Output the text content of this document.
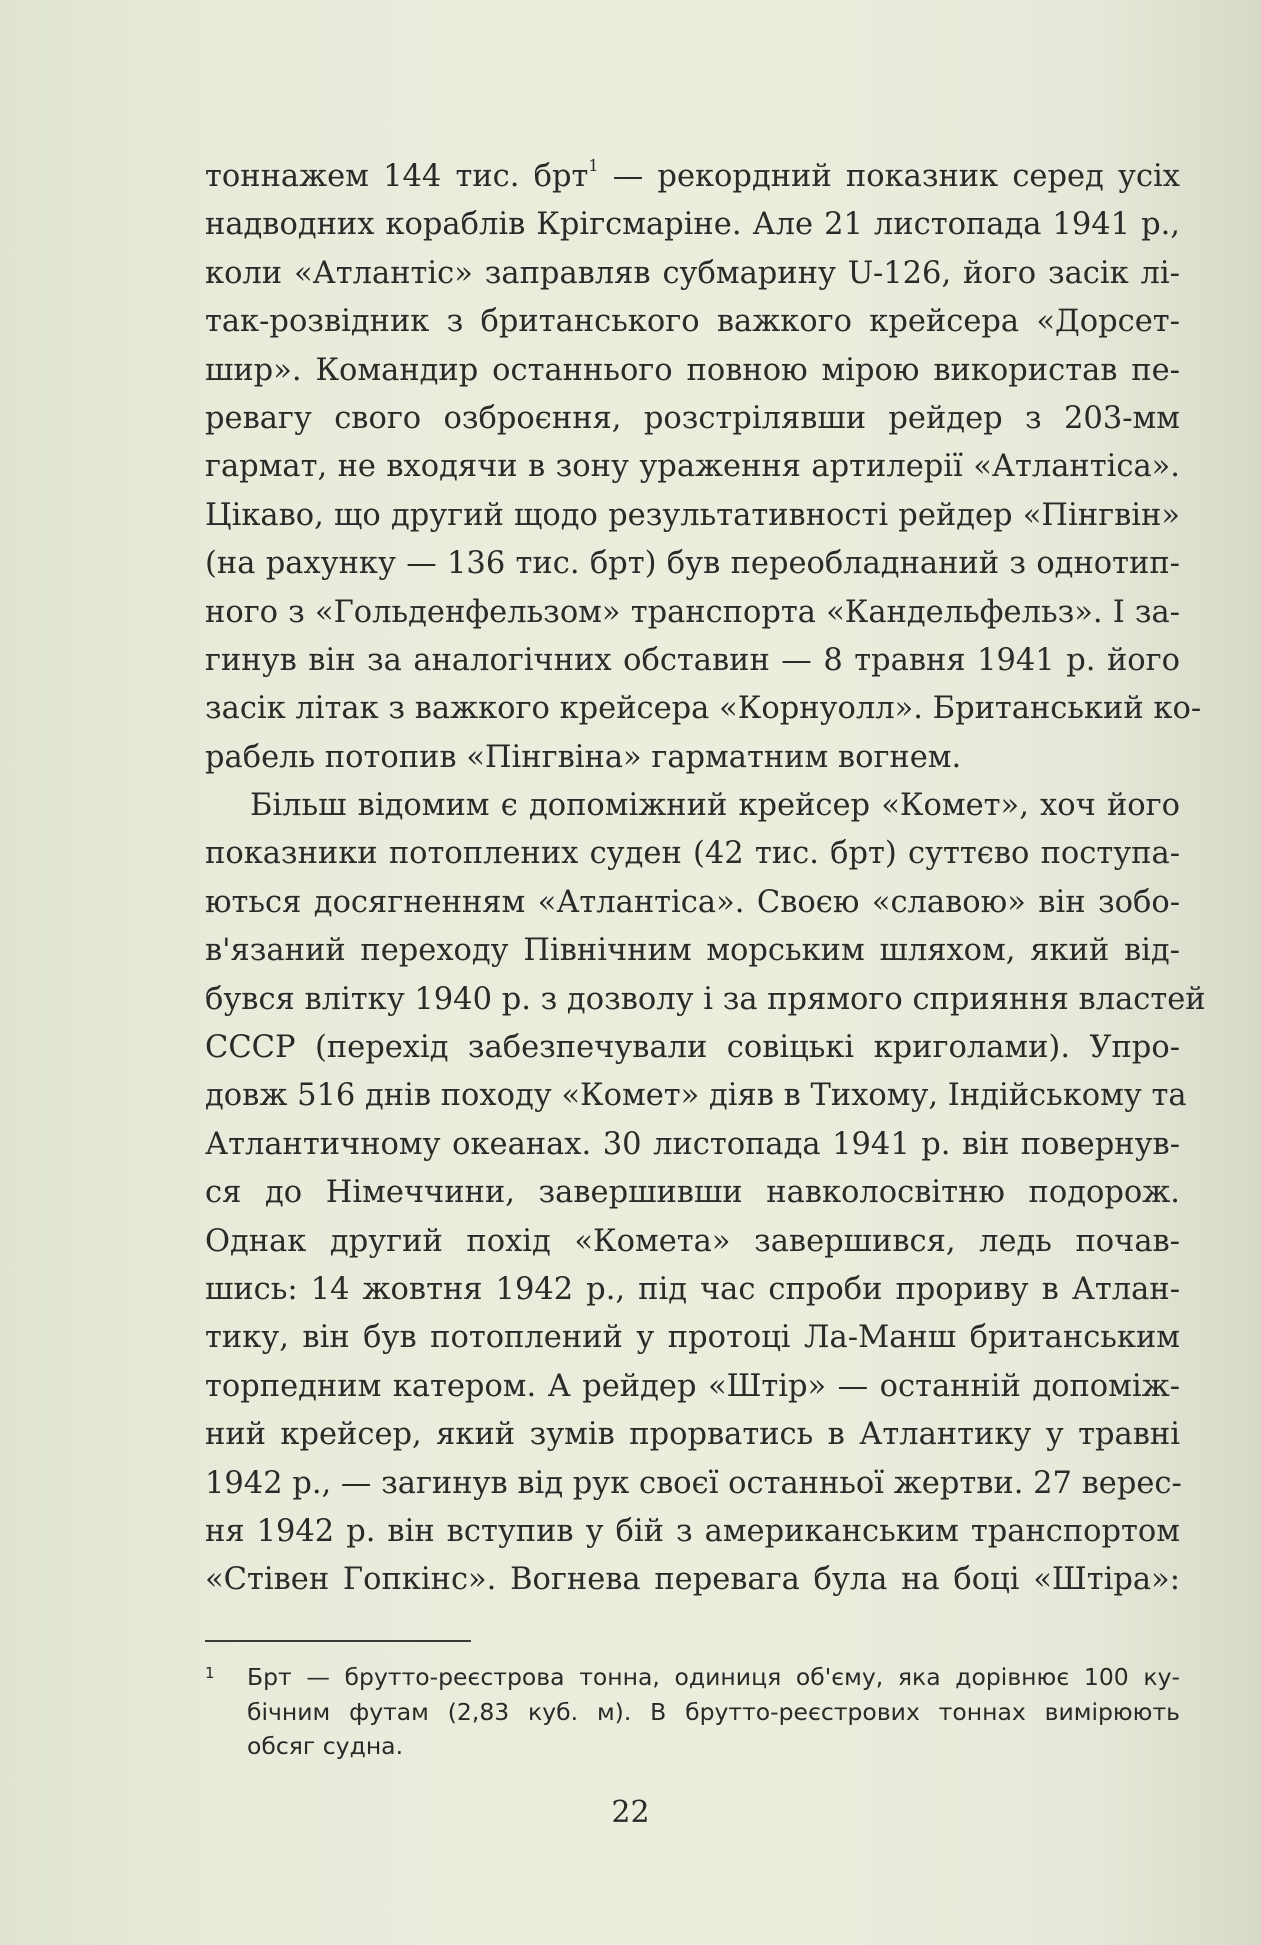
тоннажем 144 тис. брт$^1$ — рекордний показник серед усіх
надводних кораблів Крігсмаріне. Але 21 листопада 1941 р.,
коли «Атлантіс» заправляв субмарину U-126, його засік лі-
так-розвідник з британського важкого крейсера «Дорсет-
шир». Командир останнього повною мірою використав пе-
ревагу свого озброєння, розстрілявши рейдер з 203-мм
гармат, не входячи в зону ураження артилерії «Атлантіса».
Цікаво, що другий щодо результативності рейдер «Пінгвін»
(на рахунку — 136 тис. брт) був переобладнаний з однотип-
ного з «Гольденфельзом» транспорта «Кандельфельз». І за-
гинув він за аналогічних обставин — 8 травня 1941 р. його
засік літак з важкого крейсера «Корнуолл». Британський ко-
рабель потопив «Пінгвіна» гарматним вогнем.
Більш відомим є допоміжний крейсер «Комет», хоч його
показники потоплених суден (42 тис. брт) суттєво поступа-
ються досягненням «Атлантіса». Своєю «славою» він зобо-
в'язаний переходу Північним морським шляхом, який від-
бувся влітку 1940 р. з дозволу і за прямого сприяння властей
СССР (перехід забезпечували совіцькі криголами). Упро-
довж 516 днів походу «Комет» діяв в Тихому, Індійському та
Атлантичному океанах. 30 листопада 1941 р. він повернув-
ся до Німеччини, завершивши навколосвітню подорож.
Однак другий похід «Комета» завершився, ледь почав-
шись: 14 жовтня 1942 р., під час спроби прориву в Атлан-
тику, він був потоплений у протоці Ла-Манш британським
торпедним катером. А рейдер «Штір» — останній допоміж-
ний крейсер, який зумів прорватись в Атлантику у травні
1942 р., — загинув від рук своєї останньої жертви. 27 верес-
ня 1942 р. він вступив у бій з американським транспортом
«Стівен Гопкінс». Вогнева перевага була на боці «Штіра»:
1	Брт — брутто-реєстрова тонна, одиниця об'єму, яка дорівнює 100 ку-
бічним футам (2,83 куб. м). В брутто-реєстрових тоннах вимірюють
обсяг судна.
22
